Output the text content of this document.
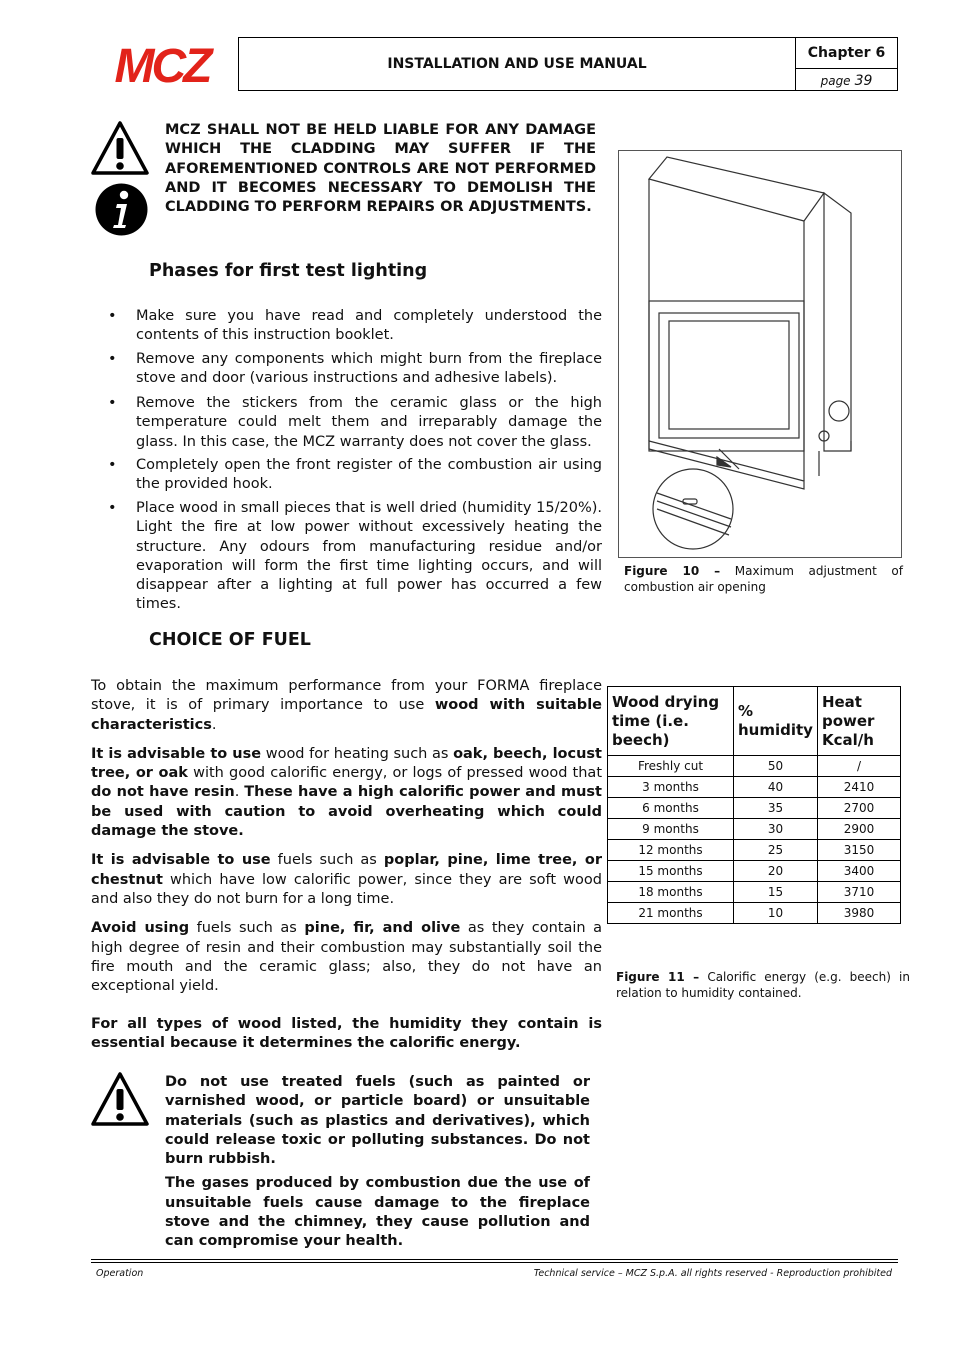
MCZ	INSTALLATION AND USE MANUAL
Chapter 6
page 39
MCZ SHALL NOT BE HELD LIABLE FOR ANY DAMAGE WHICH THE CLADDING MAY SUFFER IF THE AFOREMENTIONED CONTROLS ARE NOT PERFORMED AND IT BECOMES NECESSARY TO DEMOLISH THE CLADDING TO PERFORM REPAIRS OR ADJUSTMENTS.
Phases for first test lighting
• Make sure you have read and completely understood the contents of this instruction booklet.
• Remove any components which might burn from the fireplace stove and door (various instructions and adhesive labels).
• Remove the stickers from the ceramic glass or the high temperature could melt them and irreparably damage the glass. In this case, the MCZ warranty does not cover the glass.
• Completely open the front register of the combustion air using the provided hook.
• Place wood in small pieces that is well dried (humidity 15/20%). Light the fire at low power without excessively heating the structure. Any odours from manufacturing residue and/or evaporation will form the first time lighting occurs, and will disappear after a lighting at full power has occurred a few times.
Figure 10 – Maximum adjustment of combustion air opening
CHOICE OF FUEL

To obtain the maximum performance from your FORMA fireplace stove, it is of primary importance to use wood with suitable characteristics.

It is advisable to use wood for heating such as oak, beech, locust tree, or oak with good calorific energy, or logs of pressed wood that do not have resin. These have a high calorific power and must be used with caution to avoid overheating which could damage the stove.

It is advisable to use fuels such as poplar, pine, lime tree, or chestnut which have low calorific power, since they are soft wood and also they do not burn for a long time.

Avoid using fuels such as pine, fir, and olive as they contain a high degree of resin and their combustion may substantially soil the fire mouth and the ceramic glass; also, they do not have an exceptional yield.

For all types of wood listed, the humidity they contain is essential because it determines the calorific energy.
Wood drying time (i.e. beech)	% humidity	Heat power Kcal/h
Freshly cut	50	/
3 months	40	2410
6 months	35	2700
9 months	30	2900
12 months	25	3150
15 months	20	3400
18 months	15	3710
21 months	10	3980
Figure 11 – Calorific energy (e.g. beech) in relation to humidity contained.
Do not use treated fuels (such as painted or varnished wood, or particle board) or unsuitable materials (such as plastics and derivatives), which could release toxic or polluting substances. Do not burn rubbish.
The gases produced by combustion due the use of unsuitable fuels cause damage to the fireplace stove and the chimney, they cause pollution and can compromise your health.
Operation	Technical service – MCZ S.p.A. all rights reserved - Reproduction prohibited
